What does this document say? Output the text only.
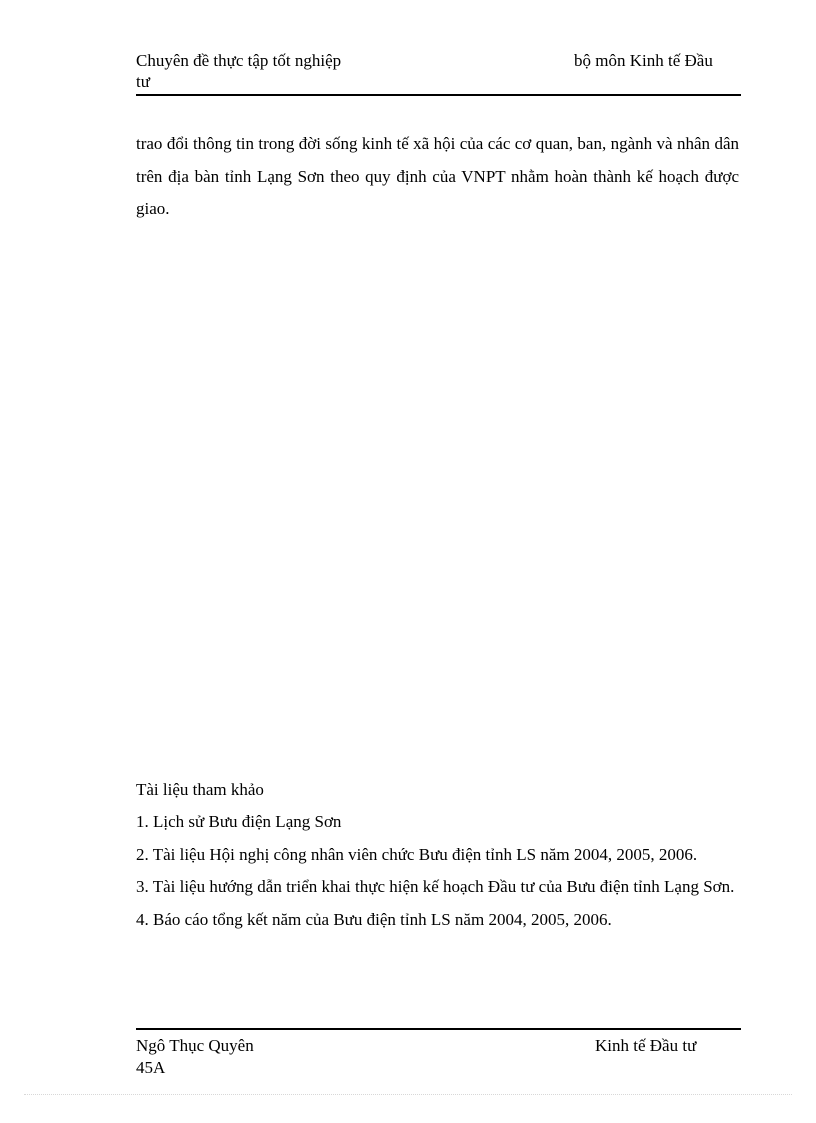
Chuyên đề thực tập tốt nghiệp	bộ môn Kinh tế Đầu
tư

trao đổi thông tin trong đời sống kinh tế xã hội của các cơ quan, ban, ngành và nhân dân trên địa bàn tỉnh Lạng Sơn theo quy định của VNPT nhằm hoàn thành kế hoạch được giao.

Tài liệu tham khảo

1. Lịch sử Bưu điện Lạng Sơn

2. Tài liệu Hội nghị công nhân viên chức Bưu điện tỉnh LS năm 2004, 2005, 2006.

3. Tài liệu hướng dẫn triển khai thực hiện kế hoạch Đầu tư của Bưu điện tỉnh Lạng Sơn.

4. Báo cáo tổng kết năm của Bưu điện tỉnh LS năm 2004, 2005, 2006.

Ngô Thục Quyên	Kinh tế Đầu tư
45A
